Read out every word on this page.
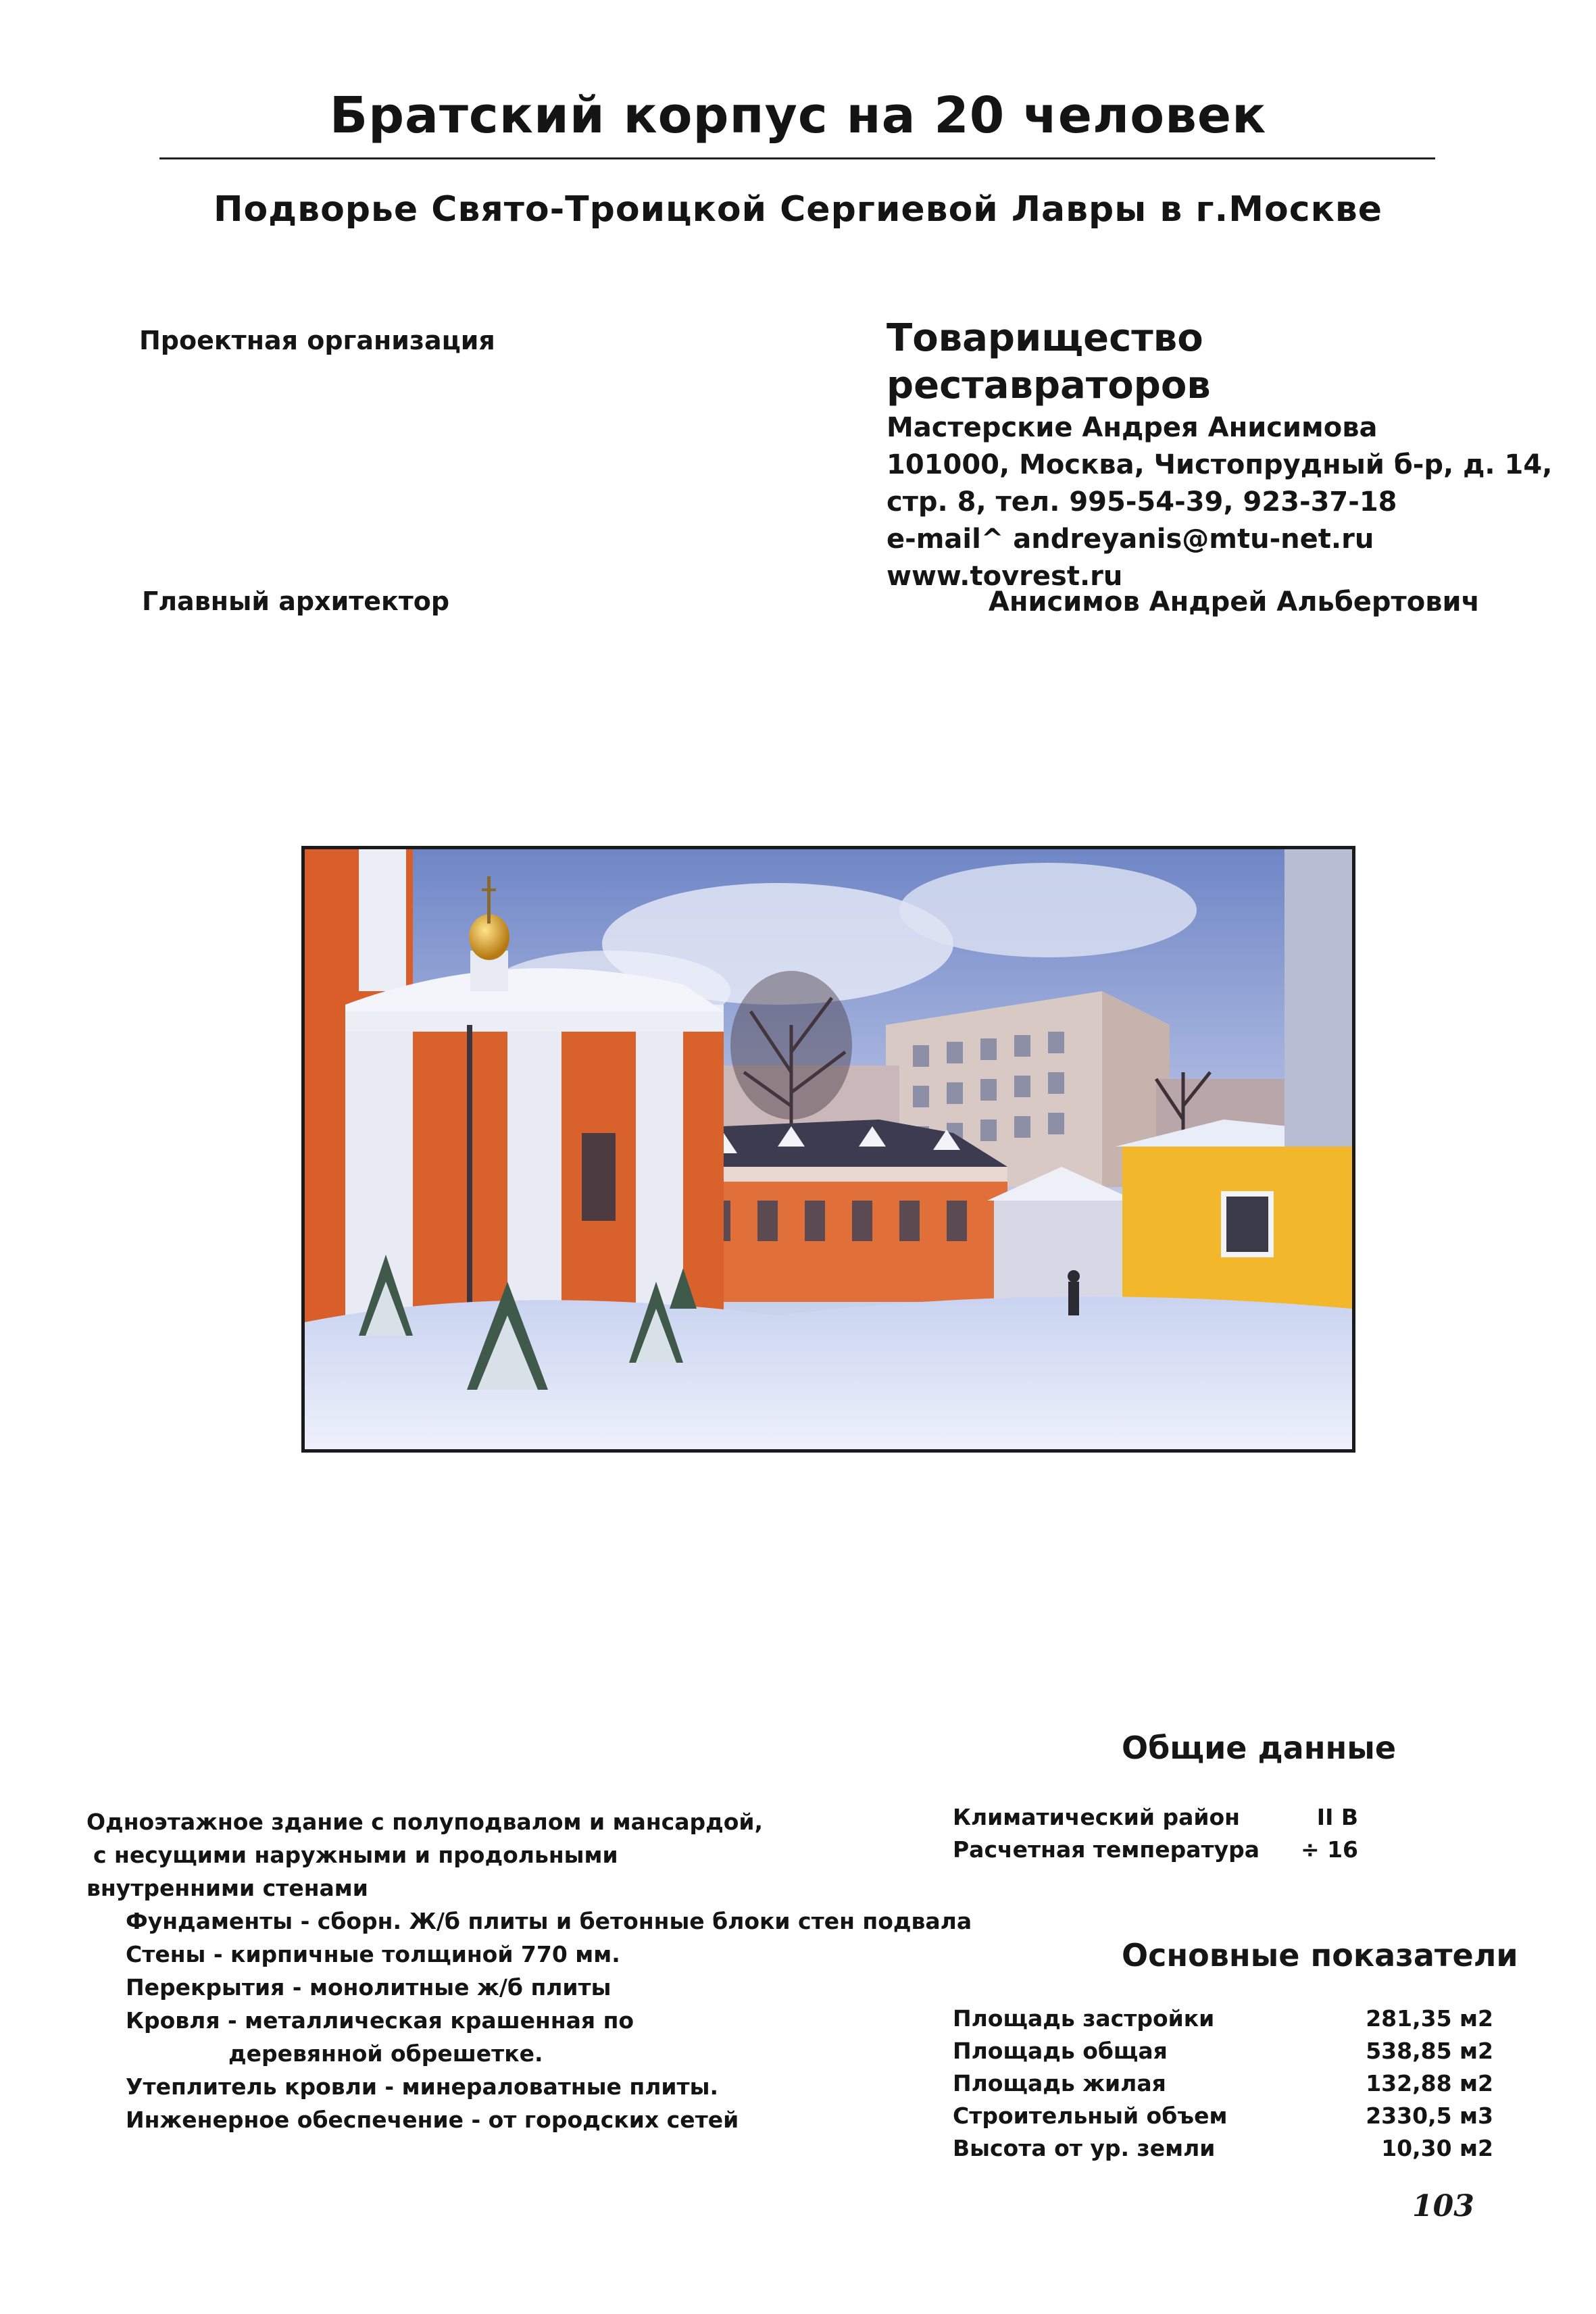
Братский корпус на 20 человек
Подворье Свято-Троицкой Сергиевой Лавры в г.Москве
Проектная организация	Товарищество реставраторов
Мастерские Андрея Анисимова
101000, Москва, Чистопрудный б-р, д. 14,
стр. 8, тел. 995-54-39, 923-37-18
e-mail^ andreyanis@mtu-net.ru
www.tovrest.ru
Главный архитектор	Анисимов Андрей Альбертович
Общие данные
Одноэтажное здание с полуподвалом и мансардой,
с несущими наружными и продольными
внутренними стенами
Фундаменты - сборн. Ж/б плиты и бетонные блоки стен подвала
Стены - кирпичные толщиной 770 мм.
Перекрытия - монолитные ж/б плиты
Кровля - металлическая крашенная по
деревянной обрешетке.
Утеплитель кровли - минераловатные плиты.
Инженерное обеспечение - от городских сетей
Климатический район	II В
Расчетная температура	÷ 16
Основные показатели
Площадь застройки	281,35 м2
Площадь общая	538,85 м2
Площадь жилая	132,88 м2
Строительный объем	2330,5 м3
Высота от ур. земли	10,30 м2
103
